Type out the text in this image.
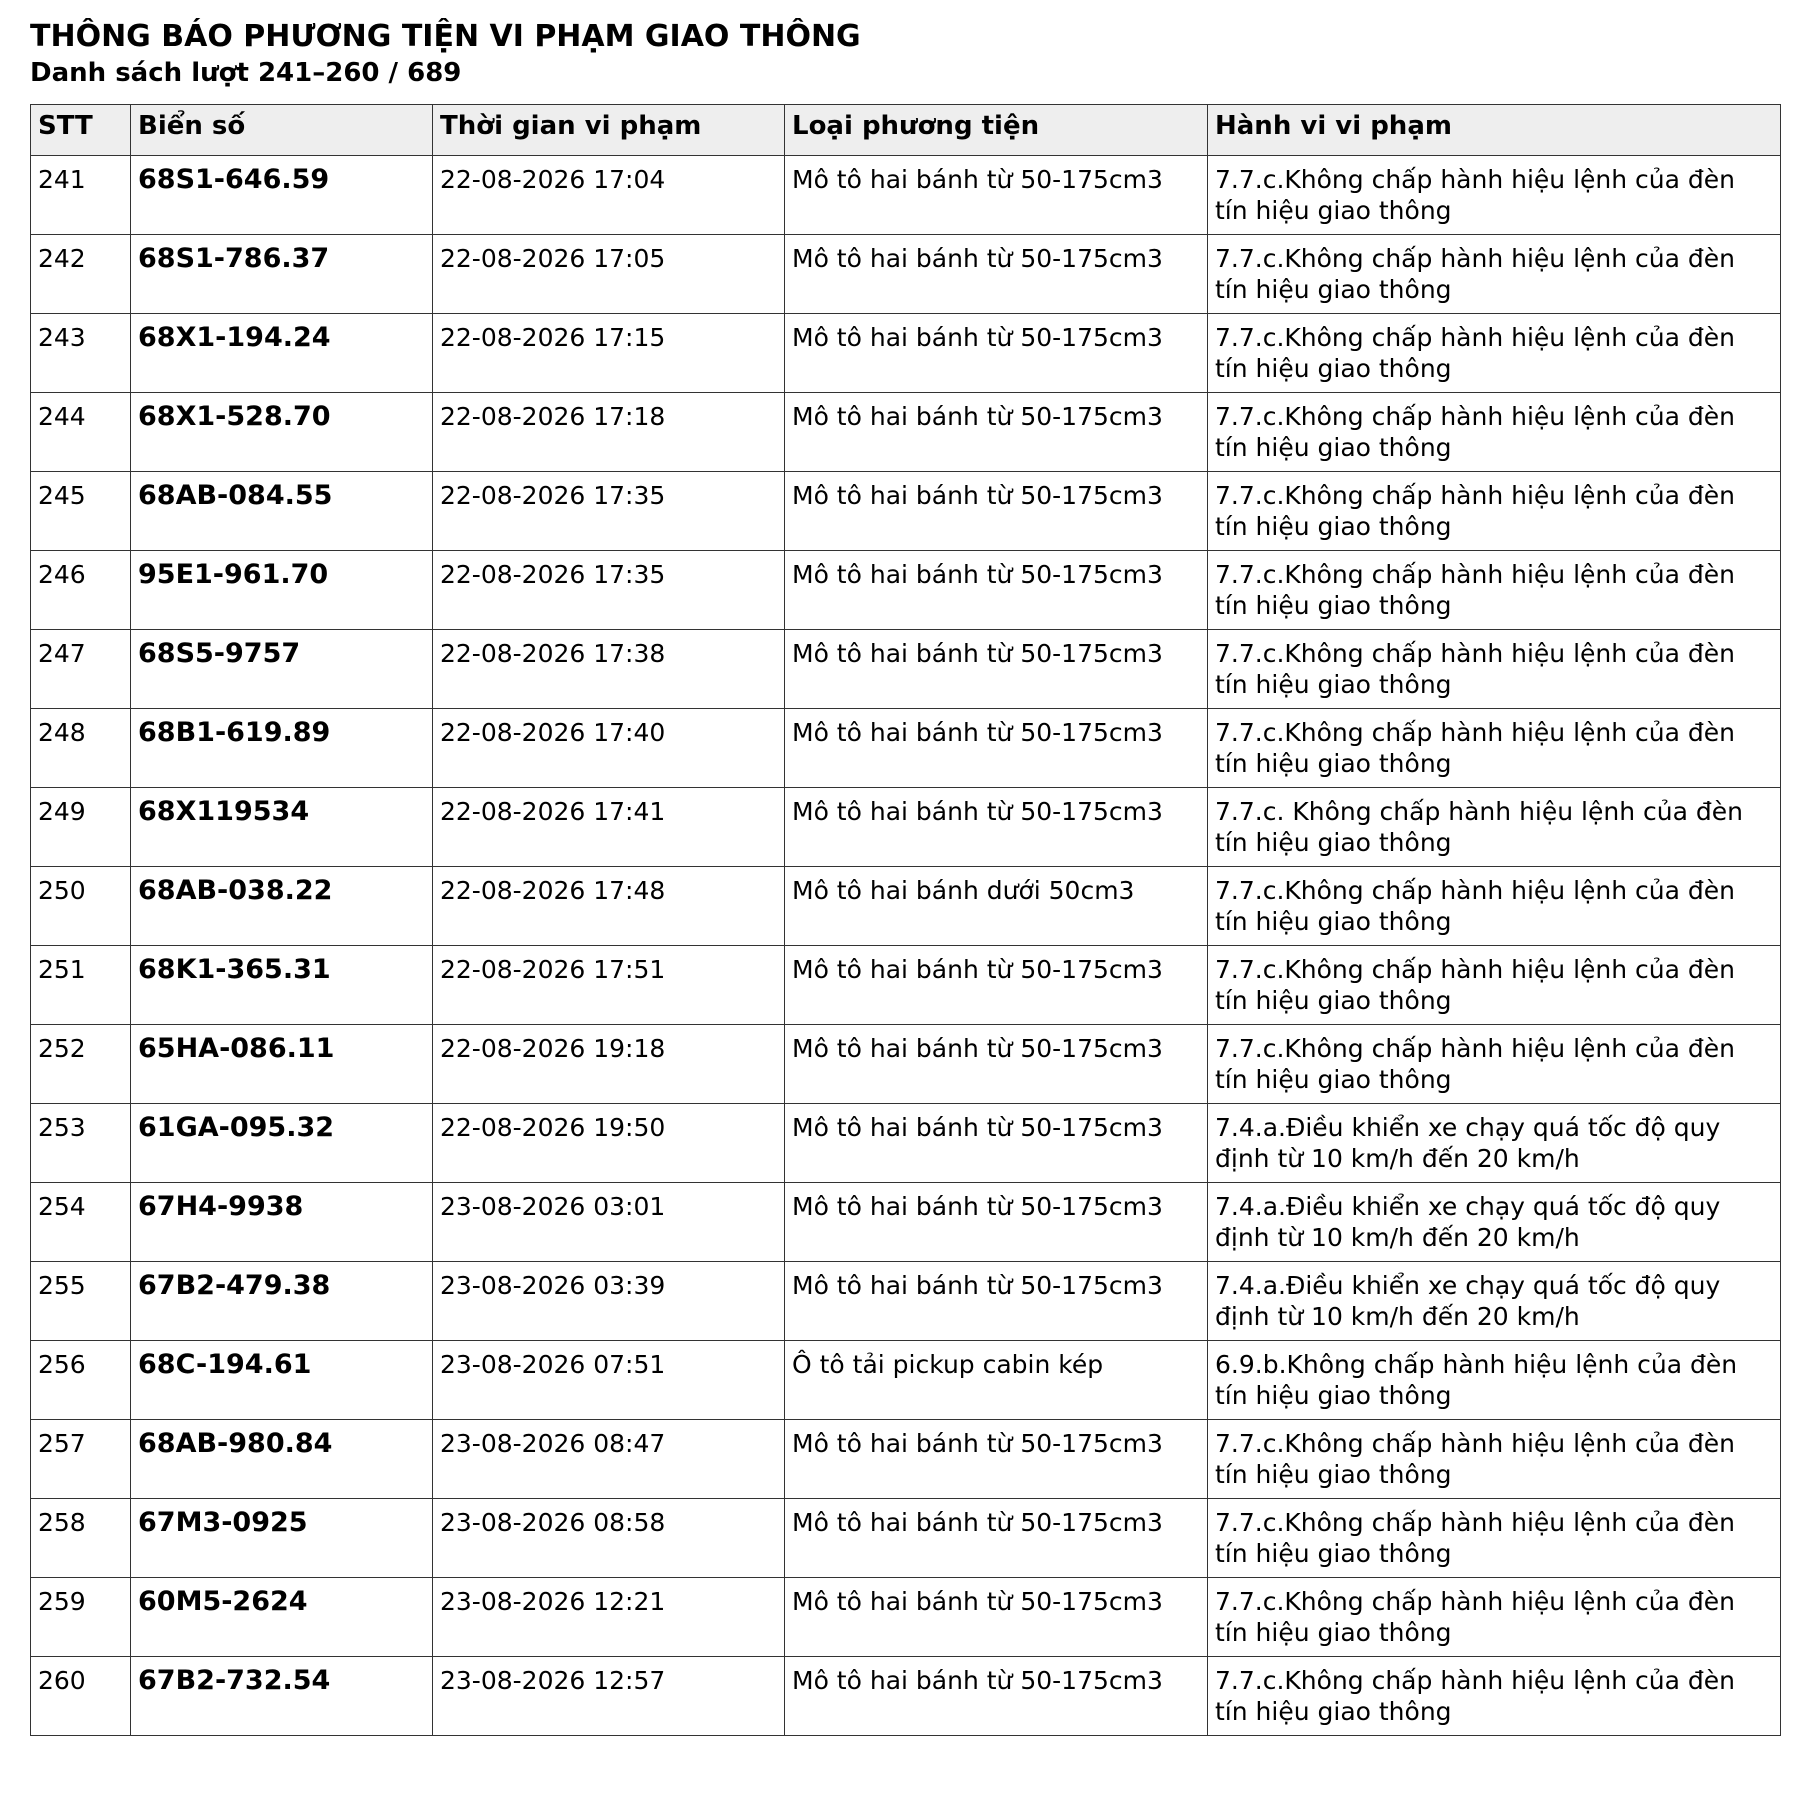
THÔNG BÁO PHƯƠNG TIỆN VI PHẠM GIAO THÔNG
Danh sách lượt 241–260 / 689
STT	Biển số	Thời gian vi phạm	Loại phương tiện	Hành vi vi phạm
241	68S1-646.59	22-08-2026 17:04	Mô tô hai bánh từ 50-175cm3	7.7.c.Không chấp hành hiệu lệnh của đèn tín hiệu giao thông
242	68S1-786.37	22-08-2026 17:05	Mô tô hai bánh từ 50-175cm3	7.7.c.Không chấp hành hiệu lệnh của đèn tín hiệu giao thông
243	68X1-194.24	22-08-2026 17:15	Mô tô hai bánh từ 50-175cm3	7.7.c.Không chấp hành hiệu lệnh của đèn tín hiệu giao thông
244	68X1-528.70	22-08-2026 17:18	Mô tô hai bánh từ 50-175cm3	7.7.c.Không chấp hành hiệu lệnh của đèn tín hiệu giao thông
245	68AB-084.55	22-08-2026 17:35	Mô tô hai bánh từ 50-175cm3	7.7.c.Không chấp hành hiệu lệnh của đèn tín hiệu giao thông
246	95E1-961.70	22-08-2026 17:35	Mô tô hai bánh từ 50-175cm3	7.7.c.Không chấp hành hiệu lệnh của đèn tín hiệu giao thông
247	68S5-9757	22-08-2026 17:38	Mô tô hai bánh từ 50-175cm3	7.7.c.Không chấp hành hiệu lệnh của đèn tín hiệu giao thông
248	68B1-619.89	22-08-2026 17:40	Mô tô hai bánh từ 50-175cm3	7.7.c.Không chấp hành hiệu lệnh của đèn tín hiệu giao thông
249	68X119534	22-08-2026 17:41	Mô tô hai bánh từ 50-175cm3	7.7.c. Không chấp hành hiệu lệnh của đèn tín hiệu giao thông
250	68AB-038.22	22-08-2026 17:48	Mô tô hai bánh dưới 50cm3	7.7.c.Không chấp hành hiệu lệnh của đèn tín hiệu giao thông
251	68K1-365.31	22-08-2026 17:51	Mô tô hai bánh từ 50-175cm3	7.7.c.Không chấp hành hiệu lệnh của đèn tín hiệu giao thông
252	65HA-086.11	22-08-2026 19:18	Mô tô hai bánh từ 50-175cm3	7.7.c.Không chấp hành hiệu lệnh của đèn tín hiệu giao thông
253	61GA-095.32	22-08-2026 19:50	Mô tô hai bánh từ 50-175cm3	7.4.a.Điều khiển xe chạy quá tốc độ quy định từ 10 km/h đến 20 km/h
254	67H4-9938	23-08-2026 03:01	Mô tô hai bánh từ 50-175cm3	7.4.a.Điều khiển xe chạy quá tốc độ quy định từ 10 km/h đến 20 km/h
255	67B2-479.38	23-08-2026 03:39	Mô tô hai bánh từ 50-175cm3	7.4.a.Điều khiển xe chạy quá tốc độ quy định từ 10 km/h đến 20 km/h
256	68C-194.61	23-08-2026 07:51	Ô tô tải pickup cabin kép	6.9.b.Không chấp hành hiệu lệnh của đèn tín hiệu giao thông
257	68AB-980.84	23-08-2026 08:47	Mô tô hai bánh từ 50-175cm3	7.7.c.Không chấp hành hiệu lệnh của đèn tín hiệu giao thông
258	67M3-0925	23-08-2026 08:58	Mô tô hai bánh từ 50-175cm3	7.7.c.Không chấp hành hiệu lệnh của đèn tín hiệu giao thông
259	60M5-2624	23-08-2026 12:21	Mô tô hai bánh từ 50-175cm3	7.7.c.Không chấp hành hiệu lệnh của đèn tín hiệu giao thông
260	67B2-732.54	23-08-2026 12:57	Mô tô hai bánh từ 50-175cm3	7.7.c.Không chấp hành hiệu lệnh của đèn tín hiệu giao thông
